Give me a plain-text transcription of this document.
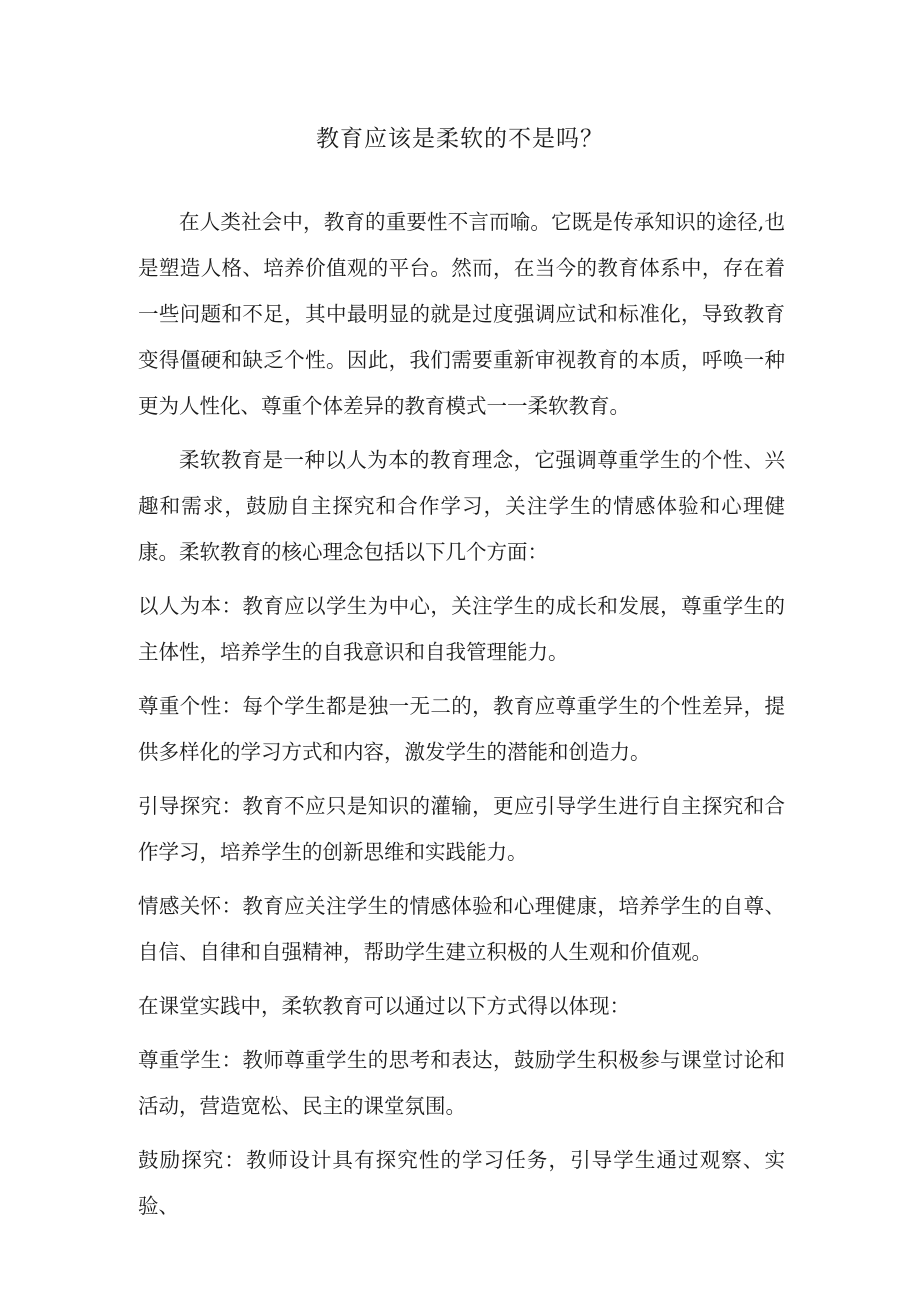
教育应该是柔软的不是吗？

在人类社会中，教育的重要性不言而喻。它既是传承知识的途径,也是塑造人格、培养价值观的平台。然而，在当今的教育体系中，存在着一些问题和不足，其中最明显的就是过度强调应试和标准化，导致教育变得僵硬和缺乏个性。因此，我们需要重新审视教育的本质，呼唤一种更为人性化、尊重个体差异的教育模式一一柔软教育。

柔软教育是一种以人为本的教育理念，它强调尊重学生的个性、兴趣和需求，鼓励自主探究和合作学习，关注学生的情感体验和心理健康。柔软教育的核心理念包括以下几个方面：

以人为本：教育应以学生为中心，关注学生的成长和发展，尊重学生的主体性，培养学生的自我意识和自我管理能力。

尊重个性：每个学生都是独一无二的，教育应尊重学生的个性差异，提供多样化的学习方式和内容，激发学生的潜能和创造力。

引导探究：教育不应只是知识的灌输，更应引导学生进行自主探究和合作学习，培养学生的创新思维和实践能力。

情感关怀：教育应关注学生的情感体验和心理健康，培养学生的自尊、自信、自律和自强精神，帮助学生建立积极的人生观和价值观。

在课堂实践中，柔软教育可以通过以下方式得以体现：

尊重学生：教师尊重学生的思考和表达，鼓励学生积极参与课堂讨论和活动，营造宽松、民主的课堂氛围。

鼓励探究：教师设计具有探究性的学习任务，引导学生通过观察、实验、
